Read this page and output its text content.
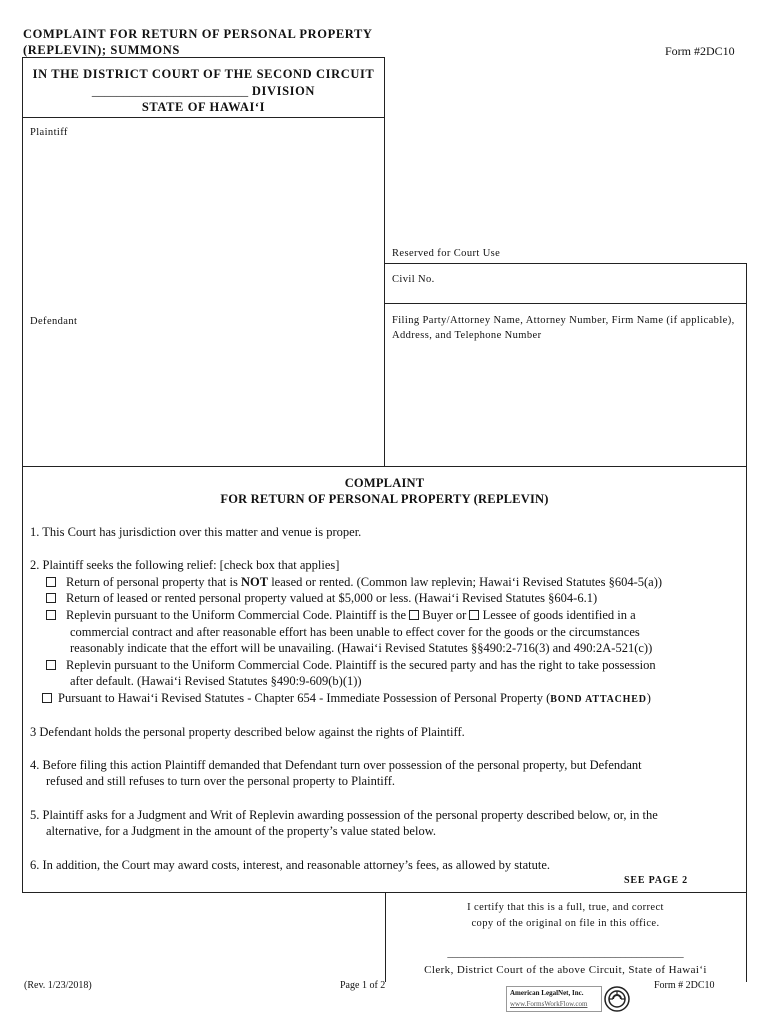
COMPLAINT FOR RETURN OF PERSONAL PROPERTY
(REPLEVIN); SUMMONS	Form #2DC10
IN THE DISTRICT COURT OF THE SECOND CIRCUIT
_________________________ DIVISION
STATE OF HAWAI‘I
Plaintiff
Defendant
Reserved for Court Use
Civil No.
Filing Party/Attorney Name, Attorney Number, Firm Name (if applicable), Address, and Telephone Number
COMPLAINT
FOR RETURN OF PERSONAL PROPERTY (REPLEVIN)
1. This Court has jurisdiction over this matter and venue is proper.
2. Plaintiff seeks the following relief: [check box that applies]
Return of personal property that is NOT leased or rented. (Common law replevin; Hawai‘i Revised Statutes §604-5(a))
Return of leased or rented personal property valued at $5,000 or less. (Hawai‘i Revised Statutes §604-6.1)
Replevin pursuant to the Uniform Commercial Code. Plaintiff is the  Buyer or  Lessee of goods identified in a
commercial contract and after reasonable effort has been unable to effect cover for the goods or the circumstances
reasonably indicate that the effort will be unavailing. (Hawai‘i Revised Statutes §§490:2-716(3) and 490:2A-521(c))
Replevin pursuant to the Uniform Commercial Code. Plaintiff is the secured party and has the right to take possession
after default. (Hawai‘i Revised Statutes §490:9-609(b)(1))
Pursuant to Hawai‘i Revised Statutes - Chapter 654 - Immediate Possession of Personal Property (BOND ATTACHED)
3 Defendant holds the personal property described below against the rights of Plaintiff.
4. Before filing this action Plaintiff demanded that Defendant turn over possession of the personal property, but Defendant
refused and still refuses to turn over the personal property to Plaintiff.
5. Plaintiff asks for a Judgment and Writ of Replevin awarding possession of the personal property described below, or, in the
alternative, for a Judgment in the amount of the property’s value stated below.
6. In addition, the Court may award costs, interest, and reasonable attorney’s fees, as allowed by statute.
SEE PAGE 2
I certify that this is a full, true, and correct
copy of the original on file in this office.
_____________________________________________
Clerk, District Court of the above Circuit, State of Hawai‘i
(Rev. 1/23/2018)	Page 1 of 2	Form # 2DC10
American LegalNet, Inc.
www.FormsWorkFlow.com
